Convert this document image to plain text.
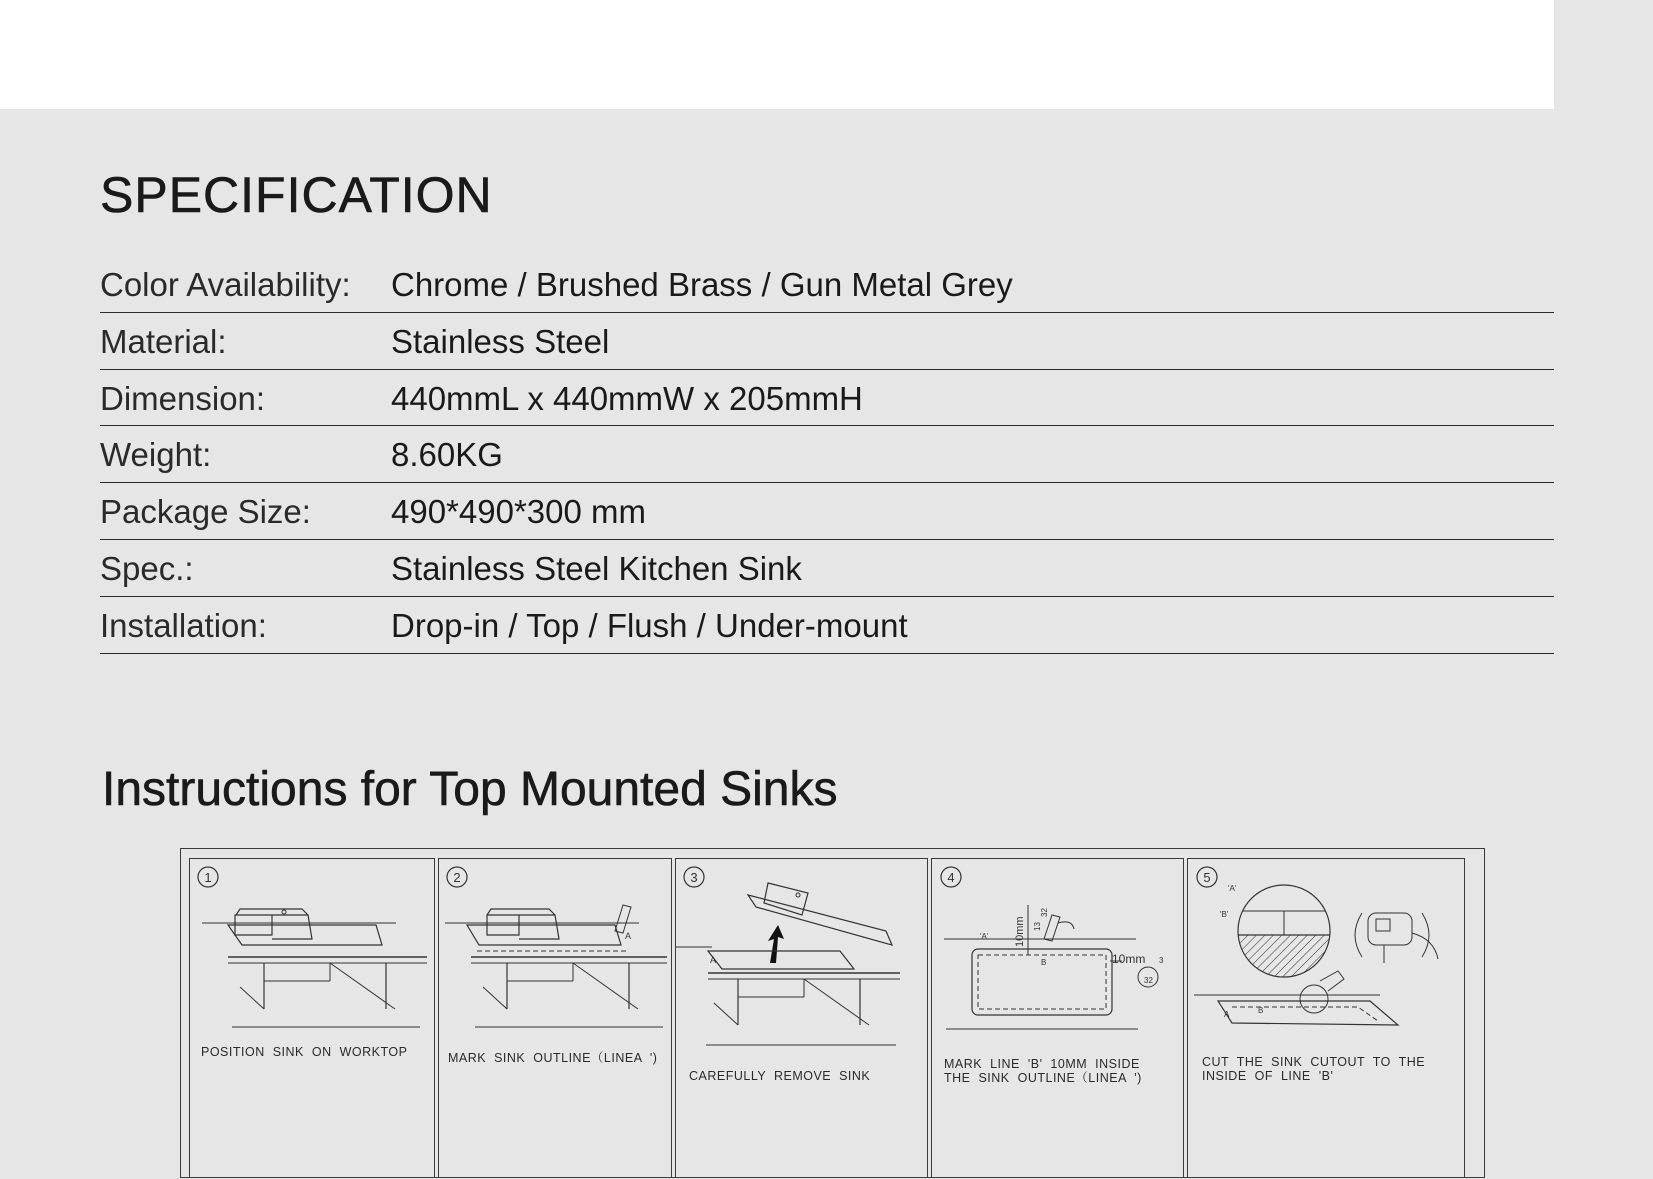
SPECIFICATION
Color Availability: Chrome / Brushed Brass / Gun Metal Grey
Material:	Stainless Steel
Dimension:	440mmL x 440mmW x 205mmH
Weight:	8.60KG
Package Size: 490*490*300 mm
Spec.:	Stainless Steel Kitchen Sink
Installation:	Drop-in / Top / Flush / Under-mount
Instructions for Top Mounted Sinks
1
POSITION SINK ON WORKTOP
2
A
MARK SINK OUTLINE（LINEA ')
3
A
CAREFULLY REMOVE SINK
4
'A'
B
10mm 13
32
10mm 3
32
MARK LINE 'B' 10MM INSIDE
THE SINK OUTLINE（LINEA ')
5
'A'
'B'
A	B
CUT THE SINK CUTOUT TO THE
INSIDE OF LINE 'B'
